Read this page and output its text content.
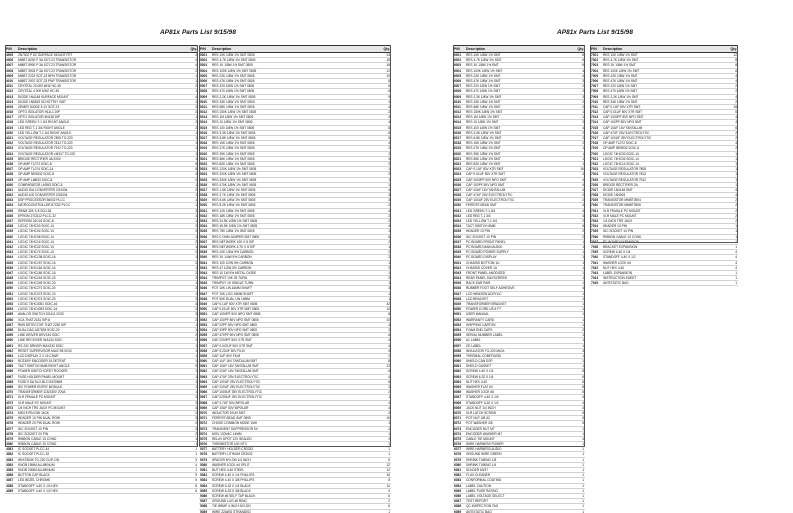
AP81x Parts List 9/15/98
P/N	Description	Qty.
4005	2N7002 P 6C SURFACE MOUNT FET	4
4006	MMBT 8200 P 3A SOT-23 TRANSISTOR	4
4007	MMBT 8900 P 3A SOT-23 TRANSISTOR	4
4008	MMBT 3904 P 3A SOT-23 TRANSISTOR	2
4009	MMBT 2222 SOT-23 NPN TRANSISTOR	1
4010	MMBT 2907 SOT-23 PNP TRANSISTOR	1
4011	CRYSTAL 20.000 MHZ HC-49	2
4012	CRYSTAL 4.000 MHZ HC-49	1
4013	DIODE 1N4148 SURFACE MOUNT	4
4014	DIODE 1N5819 SCHOTTKY SMT	1
4015	ZENER DIODE 5.1V SOT-23	2
4016	OPTO ISOLATOR H11L1 DIP	2
4017	OPTO ISOLATOR 6N138 DIP	1
4018	LED GREEN T-1 3/4 RIGHT ANGLE	2
4019	LED RED T-1 3/4 RIGHT ANGLE	2
4020	LED YELLOW T-1 3/4 RIGHT ANGLE	1
4021	VOLTAGE REGULATOR 7805 TO-220	1
4022	VOLTAGE REGULATOR 7812 TO-220	1
4023	VOLTAGE REGULATOR 7912 TO-220	1
4024	VOLTAGE REGULATOR LM317 TO-220	1
4025	BRIDGE RECTIFIER 4A 200V	1
4026	OP AMP TL072 SOIC-8	6
4027	OP AMP TL074 SOIC-14	8
4028	OP AMP NE5532 SOIC-8	4
4029	OP AMP LM833 SOIC-8	2
4030	COMPARATOR LM393 SOIC-8	1
4031	AUDIO D/A CONVERTER CS4334	2
4032	AUDIO A/D CONVERTER CS5334	1
4033	DSP PROCESSOR 56002 PLCC	1
4034	MICROCONTROLLER 87C52 PLCC	1
4035	SRAM 32K X 8 SOJ-28	3
4036	EPROM 27C512 PLCC-32	1
4037	EEPROM 24C16 SOIC-8	1
4038	LOGIC 74HC00 SOIC-14	2
4039	LOGIC 74HC04 SOIC-14	2
4040	LOGIC 74HC08 SOIC-14	1
4041	LOGIC 74HC14 SOIC-14	2
4042	LOGIC 74HC32 SOIC-14	1
4043	LOGIC 74HC74 SOIC-14	2
4044	LOGIC 74HC138 SOIC-16	1
4045	LOGIC 74HC157 SOIC-16	2
4046	LOGIC 74HC164 SOIC-14	1
4047	LOGIC 74HC165 SOIC-16	2
4048	LOGIC 74HC244 SOIC-20	2
4049	LOGIC 74HC245 SOIC-20	1
4050	LOGIC 74HC273 SOIC-20	3
4051	LOGIC 74HC373 SOIC-20	1
4052	LOGIC 74HC374 SOIC-20	2
4053	LOGIC 74HC4051 SOIC-16	4
4054	LOGIC 74HC4053 SOIC-16	2
4055	ANALOG SWITCH DG411 SOIC	3
4056	VCA THAT 2181 SIP-8	2
4057	RMS DETECTOR THAT 2252 SIP	1
4058	DUAL DAC AD7528 SOIC-20	1
4059	LINE DRIVER DRV134 SOIC	2
4060	LINE RECEIVER INA134 SOIC	2
4061	RS-232 DRIVER MAX232 SOIC	1
4062	RESET SUPERVISOR MAX705 SOIC	1
4063	LCD DISPLAY 2 X 16 CHAR	1
4064	ROTARY ENCODER 24 DETENT	1
4065	TACT SWITCH 6MM RIGHT ANGLE	9
4066	POWER SWITCH DPDT ROCKER	1
4067	FUSE HOLDER PANEL MOUNT	1
4068	FUSE 0.5A SLO-BLO 5X20MM	1
4069	IEC POWER ENTRY MODULE	1
4070	TRANSFORMER 115/230V 20VA	1
4071	XLR FEMALE PC MOUNT	2
4072	XLR MALE PC MOUNT	2
4073	1/4 INCH TRS JACK PC MOUNT	4
4074	MIDI 5 PIN DIN JACK	2
4075	HEADER 10 PIN DUAL ROW	3
4076	HEADER 20 PIN DUAL ROW	2
4077	IDC SOCKET 10 PIN	3
4078	IDC SOCKET 20 PIN	2
4079	RIBBON CABLE 10 COND	1
4080	RIBBON CABLE 20 COND	1
4081	IC SOCKET PLCC-44	1
4082	IC SOCKET PLCC-32	1
4083	HEATSINK TO-220 CLIP-ON	3
4084	KNOB 15MM ALUMINUM	4
4085	KNOB 20MM ALUMINUM	1
4086	BUTTON CAP BLACK	9
4087	LED BEZEL CHROME	5
4088	STANDOFF 4-40 X 1/4 HEX	8
4089	STANDOFF 4-40 X 1/2 HEX	6
P/N	Description	Qty.
5001	RES 10K 1/8W 1% SMT 0805	24
5002	RES 4.7K 1/8W 1% SMT 0805	18
5003	RES 1K 1/8W 1% SMT 0805	16
5004	RES 100K 1/8W 1% SMT 0805	12
5005	RES 22K 1/8W 1% SMT 0805	10
5006	RES 47K 1/8W 1% SMT 0805	8
5007	RES 220 1/8W 1% SMT 0805	6
5008	RES 470 1/8W 1% SMT 0805	6
5009	RES 2.2K 1/8W 1% SMT 0805	9
5010	RES 33K 1/8W 1% SMT 0805	4
5011	RES 68K 1/8W 1% SMT 0805	4
5012	RES 150K 1/8W 1% SMT 0805	2
5013	RES 1M 1/8W 1% SMT 0805	3
5014	RES 10 1/8W 1% SMT 0805	4
5015	RES 100 1/8W 1% SMT 0805	8
5016	RES 3.3K 1/8W 1% SMT 0805	6
5017	RES 6.8K 1/8W 1% SMT 0805	5
5018	RES 15K 1/8W 1% SMT 0805	4
5019	RES 27K 1/8W 1% SMT 0805	2
5020	RES 39K 1/8W 1% SMT 0805	2
5021	RES 56K 1/8W 1% SMT 0805	3
5022	RES 82K 1/8W 1% SMT 0805	2
5023	RES 120K 1/8W 1% SMT 0805	1
5024	RES 200K 1/8W 1% SMT 0805	2
5025	RES 330K 1/8W 1% SMT 0805	1
5026	RES 470K 1/8W 1% SMT 0805	1
5027	RES 1.5K 1/8W 1% SMT 0805	4
5028	RES 2.7K 1/8W 1% SMT 0805	3
5029	RES 5.6K 1/8W 1% SMT 0805	3
5030	RES 8.2K 1/8W 1% SMT 0805	2
5031	RES 12K 1/8W 1% SMT 0805	4
5032	RES 18K 1/8W 1% SMT 0805	2
5033	RES 24.9K 1/8W 1% SMT 0805	2
5034	RES 49.9K 1/8W 1% SMT 0805	4
5035	RES 75K 1/8W 1% SMT 0805	1
5036	RES 0 OHM JUMPER SMT 0805	6
5037	RES NETWORK 10K X 8 SIP	2
5038	RES NETWORK 4.7K X 8 SIP	1
5039	RES 10K 1/4W 5% CARBON	2
5040	RES 1K 1/4W 5% CARBON	2
5041	RES 100 1/2W 5% CARBON	1
5042	RES 47 1/2W 5% CARBON	2
5043	RES 10 1W 5% METAL OXIDE	1
5044	TRIMPOT 10K 25 TURN	2
5045	TRIMPOT 1K SINGLE TURN	1
5046	POT 10K LIN 16MM SHAFT	3
5047	POT 10K LOG 16MM SHAFT	1
5048	POT 50K DUAL LIN 16MM	1
5049	CAP 0.1UF 50V X7R SMT 0805	42
5050	CAP 0.01UF 50V X7R SMT 0805	12
5051	CAP 1000PF 50V NPO SMT 0805	8
5052	CAP 100PF 50V NPO SMT 0805	10
5053	CAP 22PF 50V NPO SMT 0805	4
5054	CAP 33PF 50V NPO SMT 0805	2
5055	CAP 470PF 50V NPO SMT 0805	6
5056	CAP 2200PF 50V X7R SMT	4
5057	CAP 0.047UF 50V X7R SMT	4
5058	CAP 0.22UF 50V FILM	4
5059	CAP 1UF 50V FILM	2
5060	CAP 1UF 16V TANTALUM SMT	8
5061	CAP 10UF 16V TANTALUM SMT	12
5062	CAP 22UF 16V TANTALUM SMT	6
5063	CAP 47UF 25V ELECTROLYTIC	4
5064	CAP 100UF 25V ELECTROLYTIC	6
5065	CAP 220UF 25V ELECTROLYTIC	2
5066	CAP 1000UF 35V ELECTROLYTIC	2
5067	CAP 2200UF 25V ELECTROLYTIC	1
5068	CAP 4.7UF 50V BIPOLAR	4
5069	CAP 10UF 50V BIPOLAR	4
5070	INDUCTOR 10UH SMT	2
5071	FERRITE BEAD SMT 0805	10
5072	CHOKE COMMON MODE 1MH	1
5073	TRANSIENT SUPPRESSOR 5V	2
5074	MOV 130VAC 14MM	1
5075	RELAY DPDT 12V SEALED	2
5076	THERMISTOR 10K NTC	1
5077	BATTERY HOLDER CR2032	1
5078	BATTERY LITHIUM CR2032	1
5079	SPACER NYLON 1/4 INCH	6
5080	WASHER LOCK #4 SPLIT	12
5081	NUT HEX 4-40 STEEL	12
5082	SCREW 4-40 X 1/4 PHILLIPS	16
5083	SCREW 4-40 X 3/8 PHILLIPS	8
5084	SCREW 6-32 X 1/4 BLACK	10
5085	SCREW 6-32 X 3/8 BLACK	4
5086	SCREW #6 SELF TAP BLACK	6
5087	GROUND LUG #6 RING	2
5088	TIE WRAP 4 INCH NYLON	6
5089	WIRE 22AWG STRANDED	1
AP81x Parts List 9/15/98
P/N	Description	Qty.
6001	RES 10K 1/8W 1% SMT	8
6002	RES 4.7K 1/8W 1% SMT	6
6003	RES 1K 1/8W 1% SMT	6
6004	RES 100K 1/8W 1% SMT	4
6005	RES 22K 1/8W 1% SMT	4
6006	RES 47K 1/8W 1% SMT	3
6007	RES 220 1/8W 1% SMT	2
6008	RES 470 1/8W 1% SMT	2
6009	RES 2.2K 1/8W 1% SMT	3
6010	RES 33K 1/8W 1% SMT	2
6011	RES 68K 1/8W 1% SMT	2
6012	RES 150K 1/8W 1% SMT	1
6013	RES 1M 1/8W 1% SMT	1
6014	RES 10 1/8W 1% SMT	2
6015	RES 100 1/8W 1% SMT	4
6016	RES 3.3K 1/8W 1% SMT	2
6017	RES 6.8K 1/8W 1% SMT	2
6018	RES 15K 1/8W 1% SMT	2
6019	RES 27K 1/8W 1% SMT	1
6020	RES 39K 1/8W 1% SMT	1
6021	RES 56K 1/8W 1% SMT	1
6022	RES 82K 1/8W 1% SMT	1
6023	CAP 0.1UF 50V X7R SMT	16
6024	CAP 0.01UF 50V X7R SMT	4
6025	CAP 1000PF 50V NPO SMT	4
6026	CAP 100PF 50V NPO SMT	4
6027	CAP 10UF 16V TANTALUM	4
6028	CAP 47UF 25V ELECTROLYTIC	2
6029	CAP 100UF 25V ELECTROLYTIC	2
6030	FERRITE BEAD SMT	4
6031	LED GREEN T-1 3/4	4
6032	LED RED T-1 3/4	4
6033	LED YELLOW T-1 3/4	2
6034	TACT SWITCH 6MM	6
6035	HEADER 10 PIN	2
6036	IDC SOCKET 10 PIN	2
6037	PC BOARD FRONT PANEL	1
6038	PC BOARD MAIN AUDIO	1
6039	PC BOARD POWER SUPPLY	1
6040	PC BOARD DISPLAY	1
6041	CHASSIS BOTTOM 1U	1
6042	CHASSIS COVER 1U	1
6043	FRONT PANEL ANODIZED	1
6044	REAR PANEL SILKSCREEN	1
6045	RACK EAR PAIR	1
6046	RUBBER FOOT SELF ADHESIVE	4
6047	LCD WINDOW ACRYLIC	1
6048	LCD BRACKET	1
6049	TRANSFORMER BRACKET	1
6050	POWER CORD US 6 FT	1
6051	USER MANUAL	1
6052	WARRANTY CARD	1
6053	SHIPPING CARTON	1
6054	FOAM END CAPS	2
6055	SERIAL NUMBER LABEL	1
6056	UL LABEL	1
6057	CE LABEL	1
6058	INSULATOR TO-220 MICA	3
6059	THERMAL COMPOUND	1
6060	SHIELD CAN DSP	1
6061	SHIELD GASKET	1
6062	SCREW 4-40 X 1/4	8
6063	SCREW 6-32 X 1/4	6
6064	NUT HEX 4-40	8
6065	WASHER FLAT #4	8
6066	WASHER LOCK #6	6
6067	STANDOFF 4-40 X 1/4	4
6068	STANDOFF 6-32 X 1/2	4
6069	JACK NUT 1/4 INCH	4
6070	XLR LATCH SCREW	8
6071	POT NUT 3/8-32	5
6072	POT WASHER 3/8	5
6073	ENCODER NUT M7	1
6074	ENCODER WASHER M7	1
6075	CABLE TIE MOUNT	4
6076	WIRE HARNESS POWER	1
6077	WIRE HARNESS AUDIO	1
6078	GROUND WIRE GREEN	1
6079	SHRINK TUBING 1/8	1
6080	SHRINK TUBING 1/4	1
6081	SOLDER 63/37	1
6082	FLUX CLEANER	1
6083	CONFORMAL COATING	1
6084	LABEL CAUTION	1
6085	LABEL FUSE RATING	1
6086	LABEL VOLTAGE SELECT	1
6087	TEST REPORT	1
6088	QC INSPECTION TAG	1
6089	ANTISTATIC BAG	1
P/N	Description	Qty.
7001	RES 10K 1/8W 1% SMT	12
7002	RES 4.7K 1/8W 1% SMT	8
7003	RES 1K 1/8W 1% SMT	8
7004	RES 100K 1/8W 1% SMT	6
7005	RES 22K 1/8W 1% SMT	4
7006	RES 47K 1/8W 1% SMT	4
7007	RES 220 1/8W 1% SMT	2
7008	RES 470 1/8W 1% SMT	2
7009	RES 2.2K 1/8W 1% SMT	4
7010	RES 33K 1/8W 1% SMT	2
7011	CAP 0.1UF 50V X7R SMT	18
7012	CAP 0.01UF 50V X7R SMT	6
7013	CAP 1000PF 50V NPO SMT	4
7014	CAP 100PF 50V NPO SMT	4
7015	CAP 10UF 16V TANTALUM	6
7016	CAP 47UF 25V ELECTROLYTIC	2
7017	CAP 100UF 25V ELECTROLYTIC	2
7018	OP AMP TL072 SOIC-8	4
7019	OP AMP NE5532 SOIC-8	2
7020	LOGIC 74HC00 SOIC-14	1
7021	LOGIC 74HC04 SOIC-14	1
7022	LOGIC 74HC14 SOIC-14	1
7023	VOLTAGE REGULATOR 7805	1
7024	VOLTAGE REGULATOR 7812	1
7025	VOLTAGE REGULATOR 7912	1
7026	BRIDGE RECTIFIER 2A	1
7027	DIODE 1N4148 SMT	4
7028	DIODE 1N4004	4
7029	TRANSISTOR MMBT3904	2
7030	TRANSISTOR MMBT3906	2
7031	XLR FEMALE PC MOUNT	2
7032	XLR MALE PC MOUNT	2
7033	1/4 INCH TRS JACK	2
7034	HEADER 10 PIN	1
7035	IDC SOCKET 10 PIN	1
7036	RIBBON CABLE 10 COND	1
7037	PC BOARD EXPANSION	1
7038	BRACKET EXPANSION	1
7039	SCREW 4-40 X 1/4	4
7040	STANDOFF 4-40 X 1/2	4
7041	WASHER LOCK #4	4
7042	NUT HEX 4-40	4
7043	LABEL EXPANSION	1
7044	INSTRUCTION SHEET	1
7045	ANTISTATIC BAG	1
